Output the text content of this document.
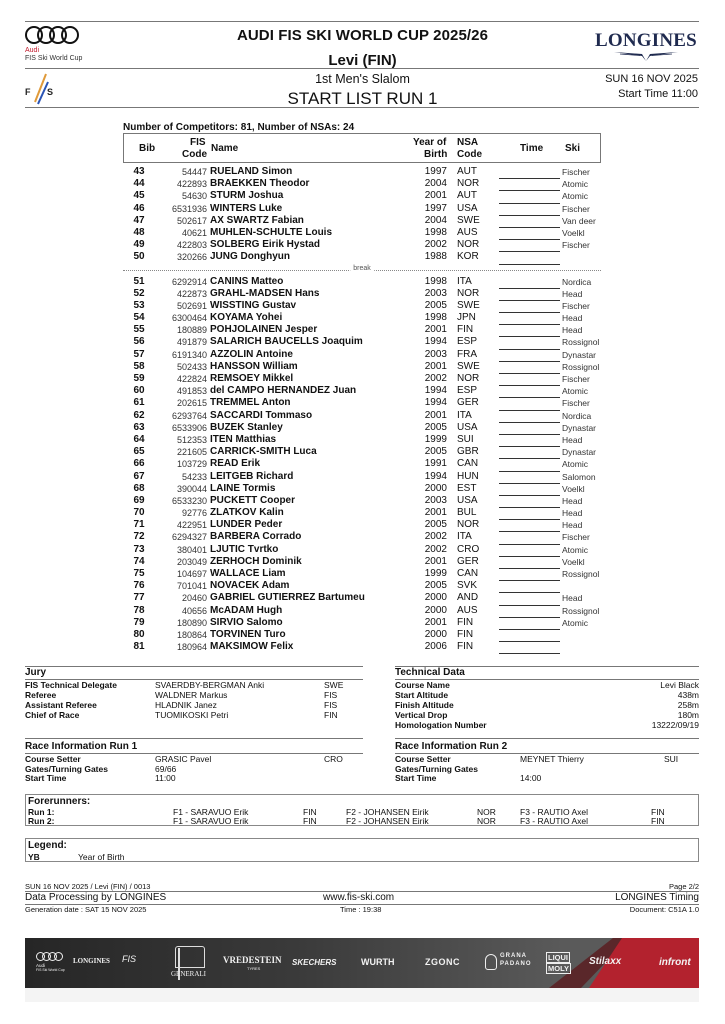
Audi
FIS Ski World Cup
AUDI FIS SKI WORLD CUP 2025/26
Levi (FIN)
LONGINES
F S
1st Men's Slalom
START LIST RUN 1
SUN 16 NOV 2025
Start Time 11:00
Number of Competitors: 81, Number of NSAs: 24
Bib
FIS
Code
Name
Year of
Birth
NSA
Code
Time Ski
43	54447 RUELAND Simon	1997 AUT	Fischer
44	422893 BRAEKKEN Theodor	2004 NOR	Atomic
45	54630 STURM Joshua	2001 AUT	Atomic
46	6531936 WINTERS Luke	1997 USA	Fischer
47	502617 AX SWARTZ Fabian	2004 SWE	Van deer
48	40621 MUHLEN-SCHULTE Louis	1998 AUS	Voelkl
49	422803 SOLBERG Eirik Hystad	2002 NOR	Fischer
50	320266 JUNG Donghyun	1988 KOR
break
51	6292914 CANINS Matteo	1998 ITA	Nordica
52	422873 GRAHL-MADSEN Hans	2003 NOR	Head
53	502691 WISSTING Gustav	2005 SWE	Fischer
54	6300464 KOYAMA Yohei	1998 JPN	Head
55	180889 POHJOLAINEN Jesper	2001 FIN	Head
56	491879 SALARICH BAUCELLS Joaquim	1994 ESP	Rossignol
57	6191340 AZZOLIN Antoine	2003 FRA	Dynastar
58	502433 HANSSON William	2001 SWE	Rossignol
59	422824 REMSOEY Mikkel	2002 NOR	Fischer
60	491853 del CAMPO HERNANDEZ Juan	1994 ESP	Atomic
61	202615 TREMMEL Anton	1994 GER	Fischer
62	6293764 SACCARDI Tommaso	2001 ITA	Nordica
63	6533906 BUZEK Stanley	2005 USA	Dynastar
64	512353 ITEN Matthias	1999 SUI	Head
65	221605 CARRICK-SMITH Luca	2005 GBR	Dynastar
66	103729 READ Erik	1991 CAN	Atomic
67	54233 LEITGEB Richard	1994 HUN	Salomon
68	390044 LAINE Tormis	2000 EST	Voelkl
69	6533230 PUCKETT Cooper	2003 USA	Head
70	92776 ZLATKOV Kalin	2001 BUL	Head
71	422951 LUNDER Peder	2005 NOR	Head
72	6294327 BARBERA Corrado	2002 ITA	Fischer
73	380401 LJUTIC Tvrtko	2002 CRO	Atomic
74	203049 ZERHOCH Dominik	2001 GER	Voelkl
75	104697 WALLACE Liam	1999 CAN	Rossignol
76	701041 NOVACEK Adam	2005 SVK
77	20460 GABRIEL GUTIERREZ Bartumeu	2000 AND	Head
78	40656 McADAM Hugh	2000 AUS	Rossignol
79	180890 SIRVIO Salomo	2001 FIN	Atomic
80	180864 TORVINEN Turo	2000 FIN
81	180964 MAKSIMOW Felix	2006 FIN
Jury
FIS Technical Delegate	SVAERDBY-BERGMAN Anki	SWE
Referee	WALDNER Markus	FIS
Assistant Referee	HLADNIK Janez	FIS
Chief of Race	TUOMIKOSKI Petri	FIN
Technical Data
Course Name	Levi Black
Start Altitude	438m
Finish Altitude	258m
Vertical Drop	180m
Homologation Number	13222/09/19
Race Information Run 1
Course Setter	GRASIC Pavel	CRO
Gates/Turning Gates	69/66
Start Time	11:00
Race Information Run 2
Course Setter	MEYNET Thierry	SUI
Gates/Turning Gates
Start Time	14:00
Forerunners:
Run 1:	F1 - SARAVUO Erik	FIN	F2 - JOHANSEN Eirik	NOR	F3 - RAUTIO Axel	FIN
Run 2:	F1 - SARAVUO Erik	FIN	F2 - JOHANSEN Eirik	NOR	F3 - RAUTIO Axel	FIN
Legend:
YB	Year of Birth
SUN 16 NOV 2025 / Levi (FIN) / 0013	Page 2/2
Data Processing by LONGINES	www.fis-ski.com	LONGINES Timing
Generation date : SAT 15 NOV 2025	Time : 19:38	Document: C51A 1.0
Audi
FIS Ski World Cup
LONGINES FIS
GENERALI
VREDESTEIN
TYRES
SKECHERS	WURTH	ZGONC
GRANA
PADANO
LIQUI
MOLY
Stilaxx	infront
